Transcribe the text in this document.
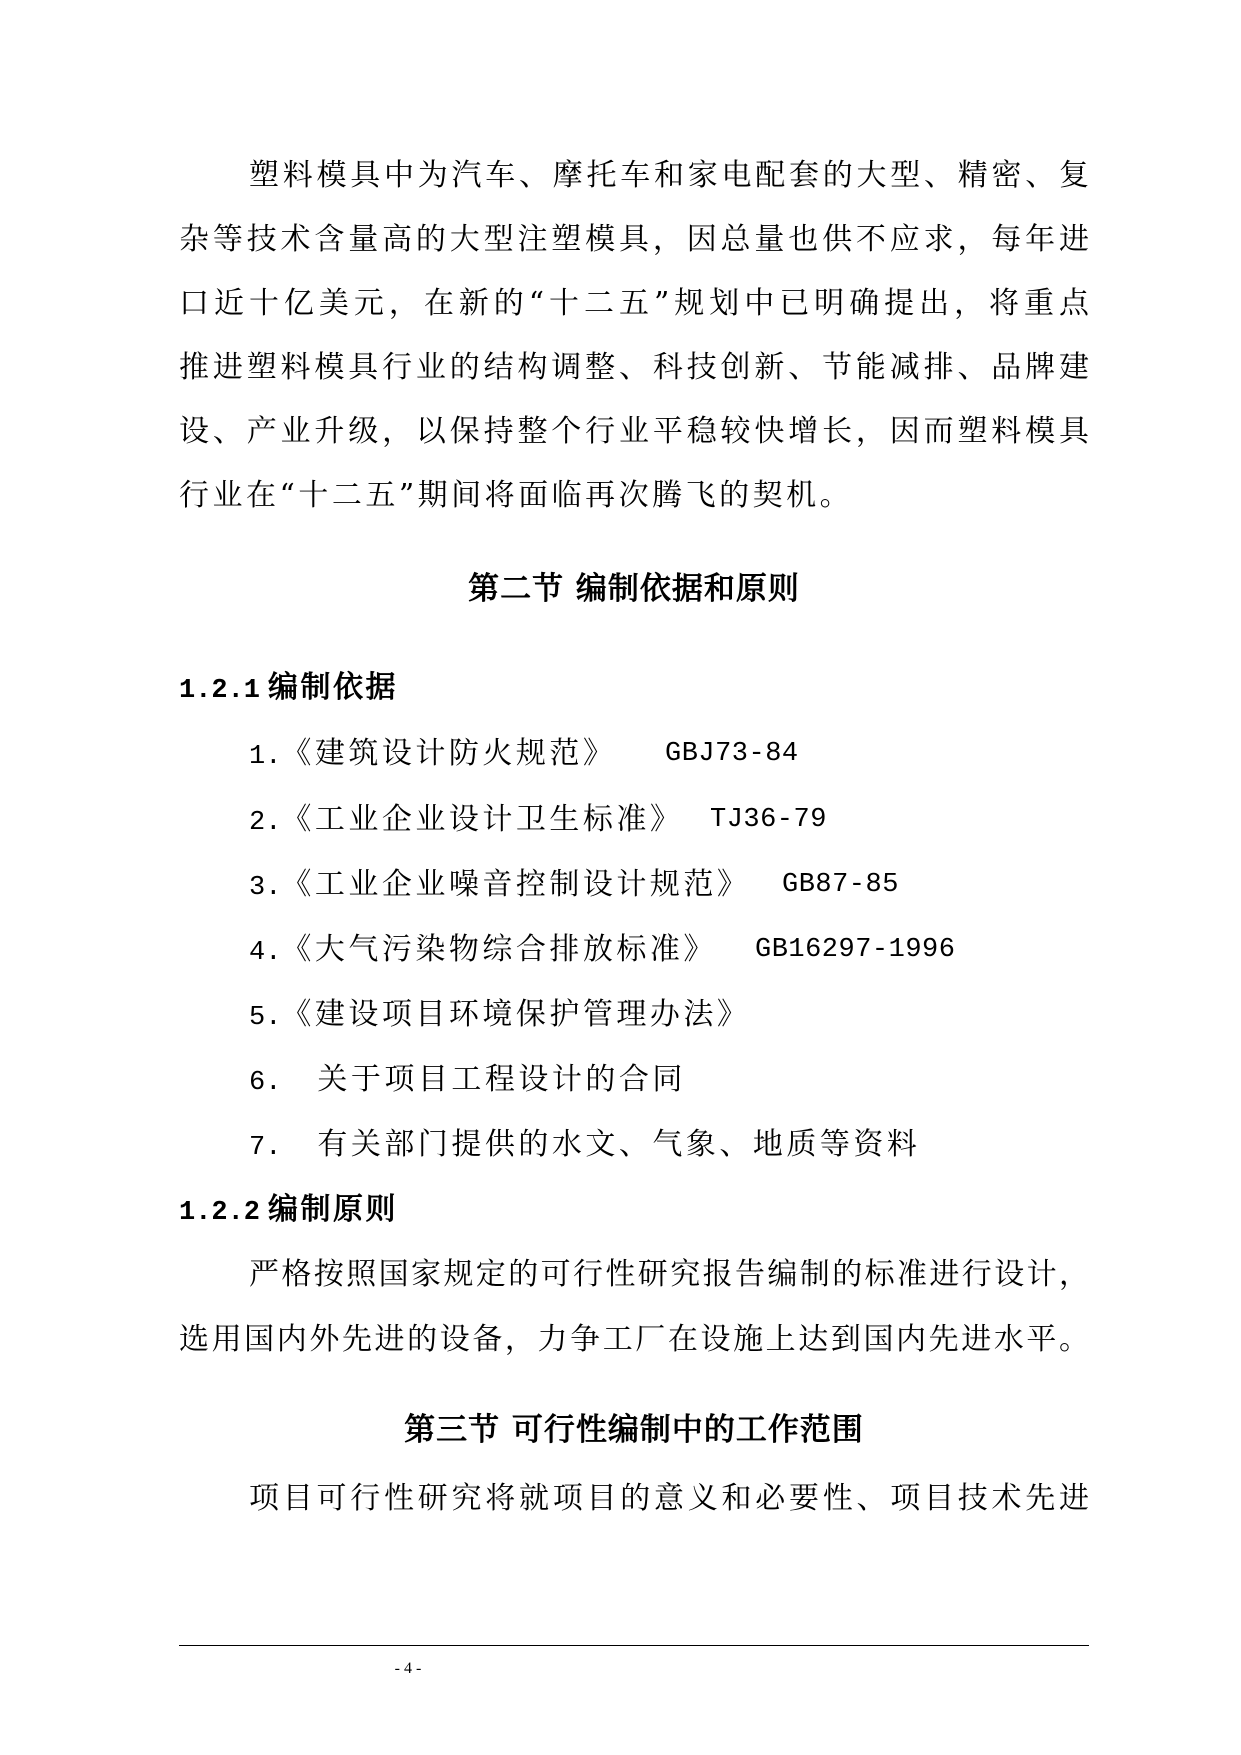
塑料模具中为汽车、摩托车和家电配套的大型、精密、复
杂等技术含量高的大型注塑模具，因总量也供不应求，每年进
口近十亿美元，在新的“十二五”规划中已明确提出，将重点
推进塑料模具行业的结构调整、科技创新、节能减排、品牌建
设、产业升级，以保持整个行业平稳较快增长，因而塑料模具
行业在“十二五”期间将面临再次腾飞的契机。
第二节 编制依据和原则
1.2.1 编制依据
1.《建筑设计防火规范》 GBJ73-84
2.《工业企业设计卫生标准》 TJ36-79
3.《工业企业噪音控制设计规范》 GB87-85
4.《大气污染物综合排放标准》 GB16297-1996
5.《建设项目环境保护管理办法》
6. 关于项目工程设计的合同
7. 有关部门提供的水文、气象、地质等资料
1.2.2 编制原则
严格按照国家规定的可行性研究报告编制的标准进行设计，
选用国内外先进的设备，力争工厂在设施上达到国内先进水平。
第三节 可行性编制中的工作范围
项目可行性研究将就项目的意义和必要性、项目技术先进
- 4 -
